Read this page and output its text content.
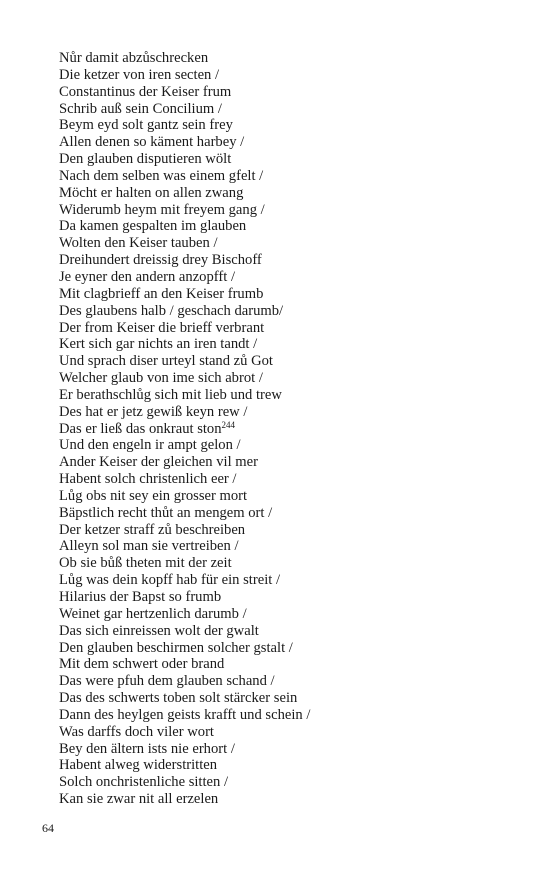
Nůr damit abzůschrecken
Die ketzer von iren secten /
Constantinus der Keiser frum
Schrib auß sein Concilium /
Beym eyd solt gantz sein frey
Allen denen so käment harbey /
Den glauben disputieren wölt
Nach dem selben was einem gfelt /
Möcht er halten on allen zwang
Widerumb heym mit freyem gang /
Da kamen gespalten im glauben
Wolten den Keiser tauben /
Dreihundert dreissig drey Bischoff
Je eyner den andern anzopfft /
Mit clagbrieff an den Keiser frumb
Des glaubens halb / geschach darumb/
Der from Keiser die brieff verbrant
Kert sich gar nichts an iren tandt /
Und sprach diser urteyl stand zů Got
Welcher glaub von ime sich abrot /
Er berathschlůg sich mit lieb und trew
Des hat er jetz gewiß keyn rew /
Das er ließ das onkraut ston$^{244}$
Und den engeln ir ampt gelon /
Ander Keiser der gleichen vil mer
Habent solch christenlich eer /
Lůg obs nit sey ein grosser mort
Bäpstlich recht thůt an mengem ort /
Der ketzer straff zů beschreiben
Alleyn sol man sie vertreiben /
Ob sie bůß theten mit der zeit
Lůg was dein kopff hab für ein streit /
Hilarius der Bapst so frumb
Weinet gar hertzenlich darumb /
Das sich einreissen wolt der gwalt
Den glauben beschirmen solcher gstalt /
Mit dem schwert oder brand
Das were pfuh dem glauben schand /
Das des schwerts toben solt stärcker sein
Dann des heylgen geists krafft und schein /
Was darffs doch viler wort
Bey den ältern ists nie erhort /
Habent alweg widerstritten
Solch onchristenliche sitten /
Kan sie zwar nit all erzelen
64
